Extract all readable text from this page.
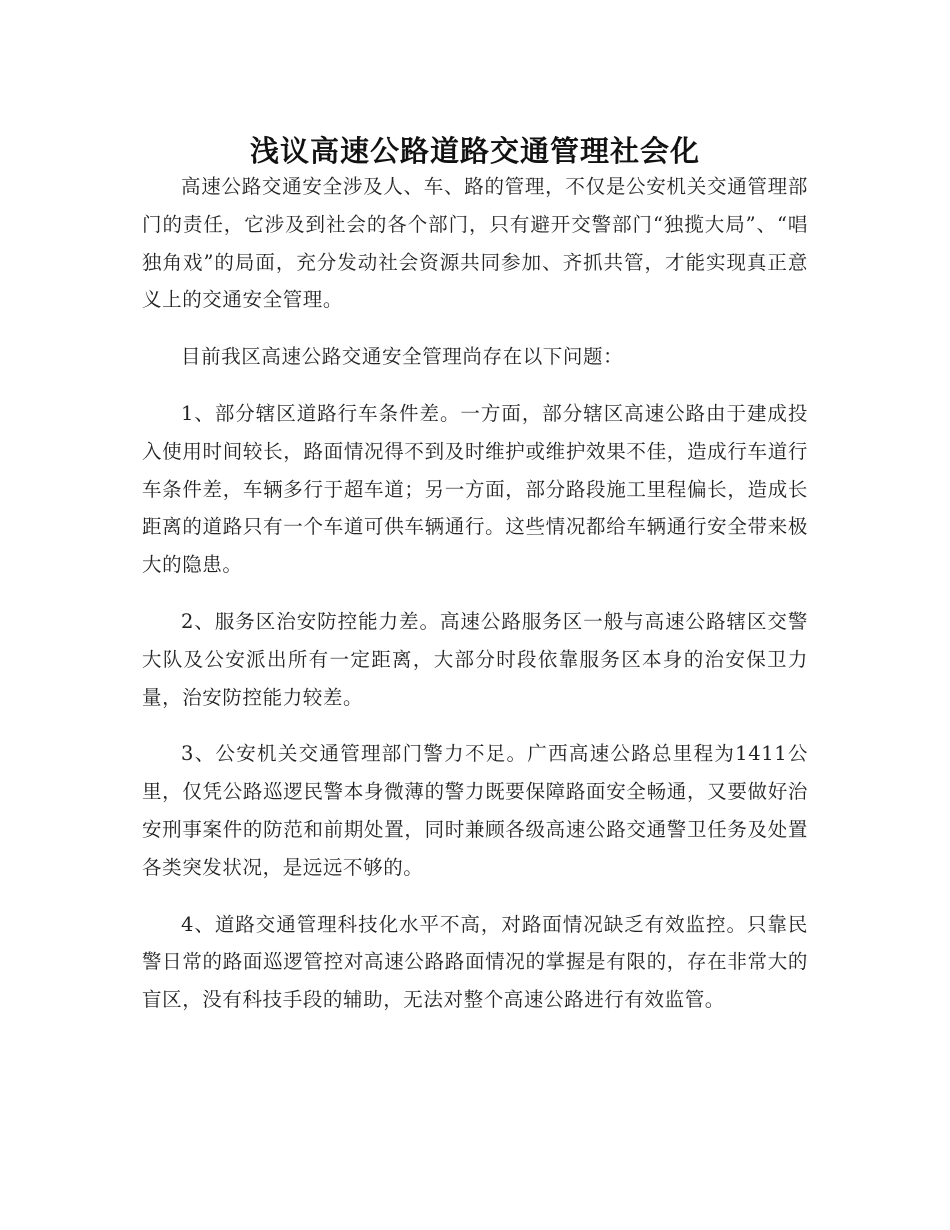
浅议高速公路道路交通管理社会化

高速公路交通安全涉及人、车、路的管理，不仅是公安机关交通管理部门的责任，它涉及到社会的各个部门，只有避开交警部门“独揽大局”、“唱独角戏”的局面，充分发动社会资源共同参加、齐抓共管，才能实现真正意义上的交通安全管理。

目前我区高速公路交通安全管理尚存在以下问题：

1、部分辖区道路行车条件差。一方面，部分辖区高速公路由于建成投入使用时间较长，路面情况得不到及时维护或维护效果不佳，造成行车道行车条件差，车辆多行于超车道；另一方面，部分路段施工里程偏长，造成长距离的道路只有一个车道可供车辆通行。这些情况都给车辆通行安全带来极大的隐患。

2、服务区治安防控能力差。高速公路服务区一般与高速公路辖区交警大队及公安派出所有一定距离，大部分时段依靠服务区本身的治安保卫力量，治安防控能力较差。

3、公安机关交通管理部门警力不足。广西高速公路总里程为1411公里，仅凭公路巡逻民警本身微薄的警力既要保障路面安全畅通，又要做好治安刑事案件的防范和前期处置，同时兼顾各级高速公路交通警卫任务及处置各类突发状况，是远远不够的。

4、道路交通管理科技化水平不高，对路面情况缺乏有效监控。只靠民警日常的路面巡逻管控对高速公路路面情况的掌握是有限的，存在非常大的盲区，没有科技手段的辅助，无法对整个高速公路进行有效监管。
